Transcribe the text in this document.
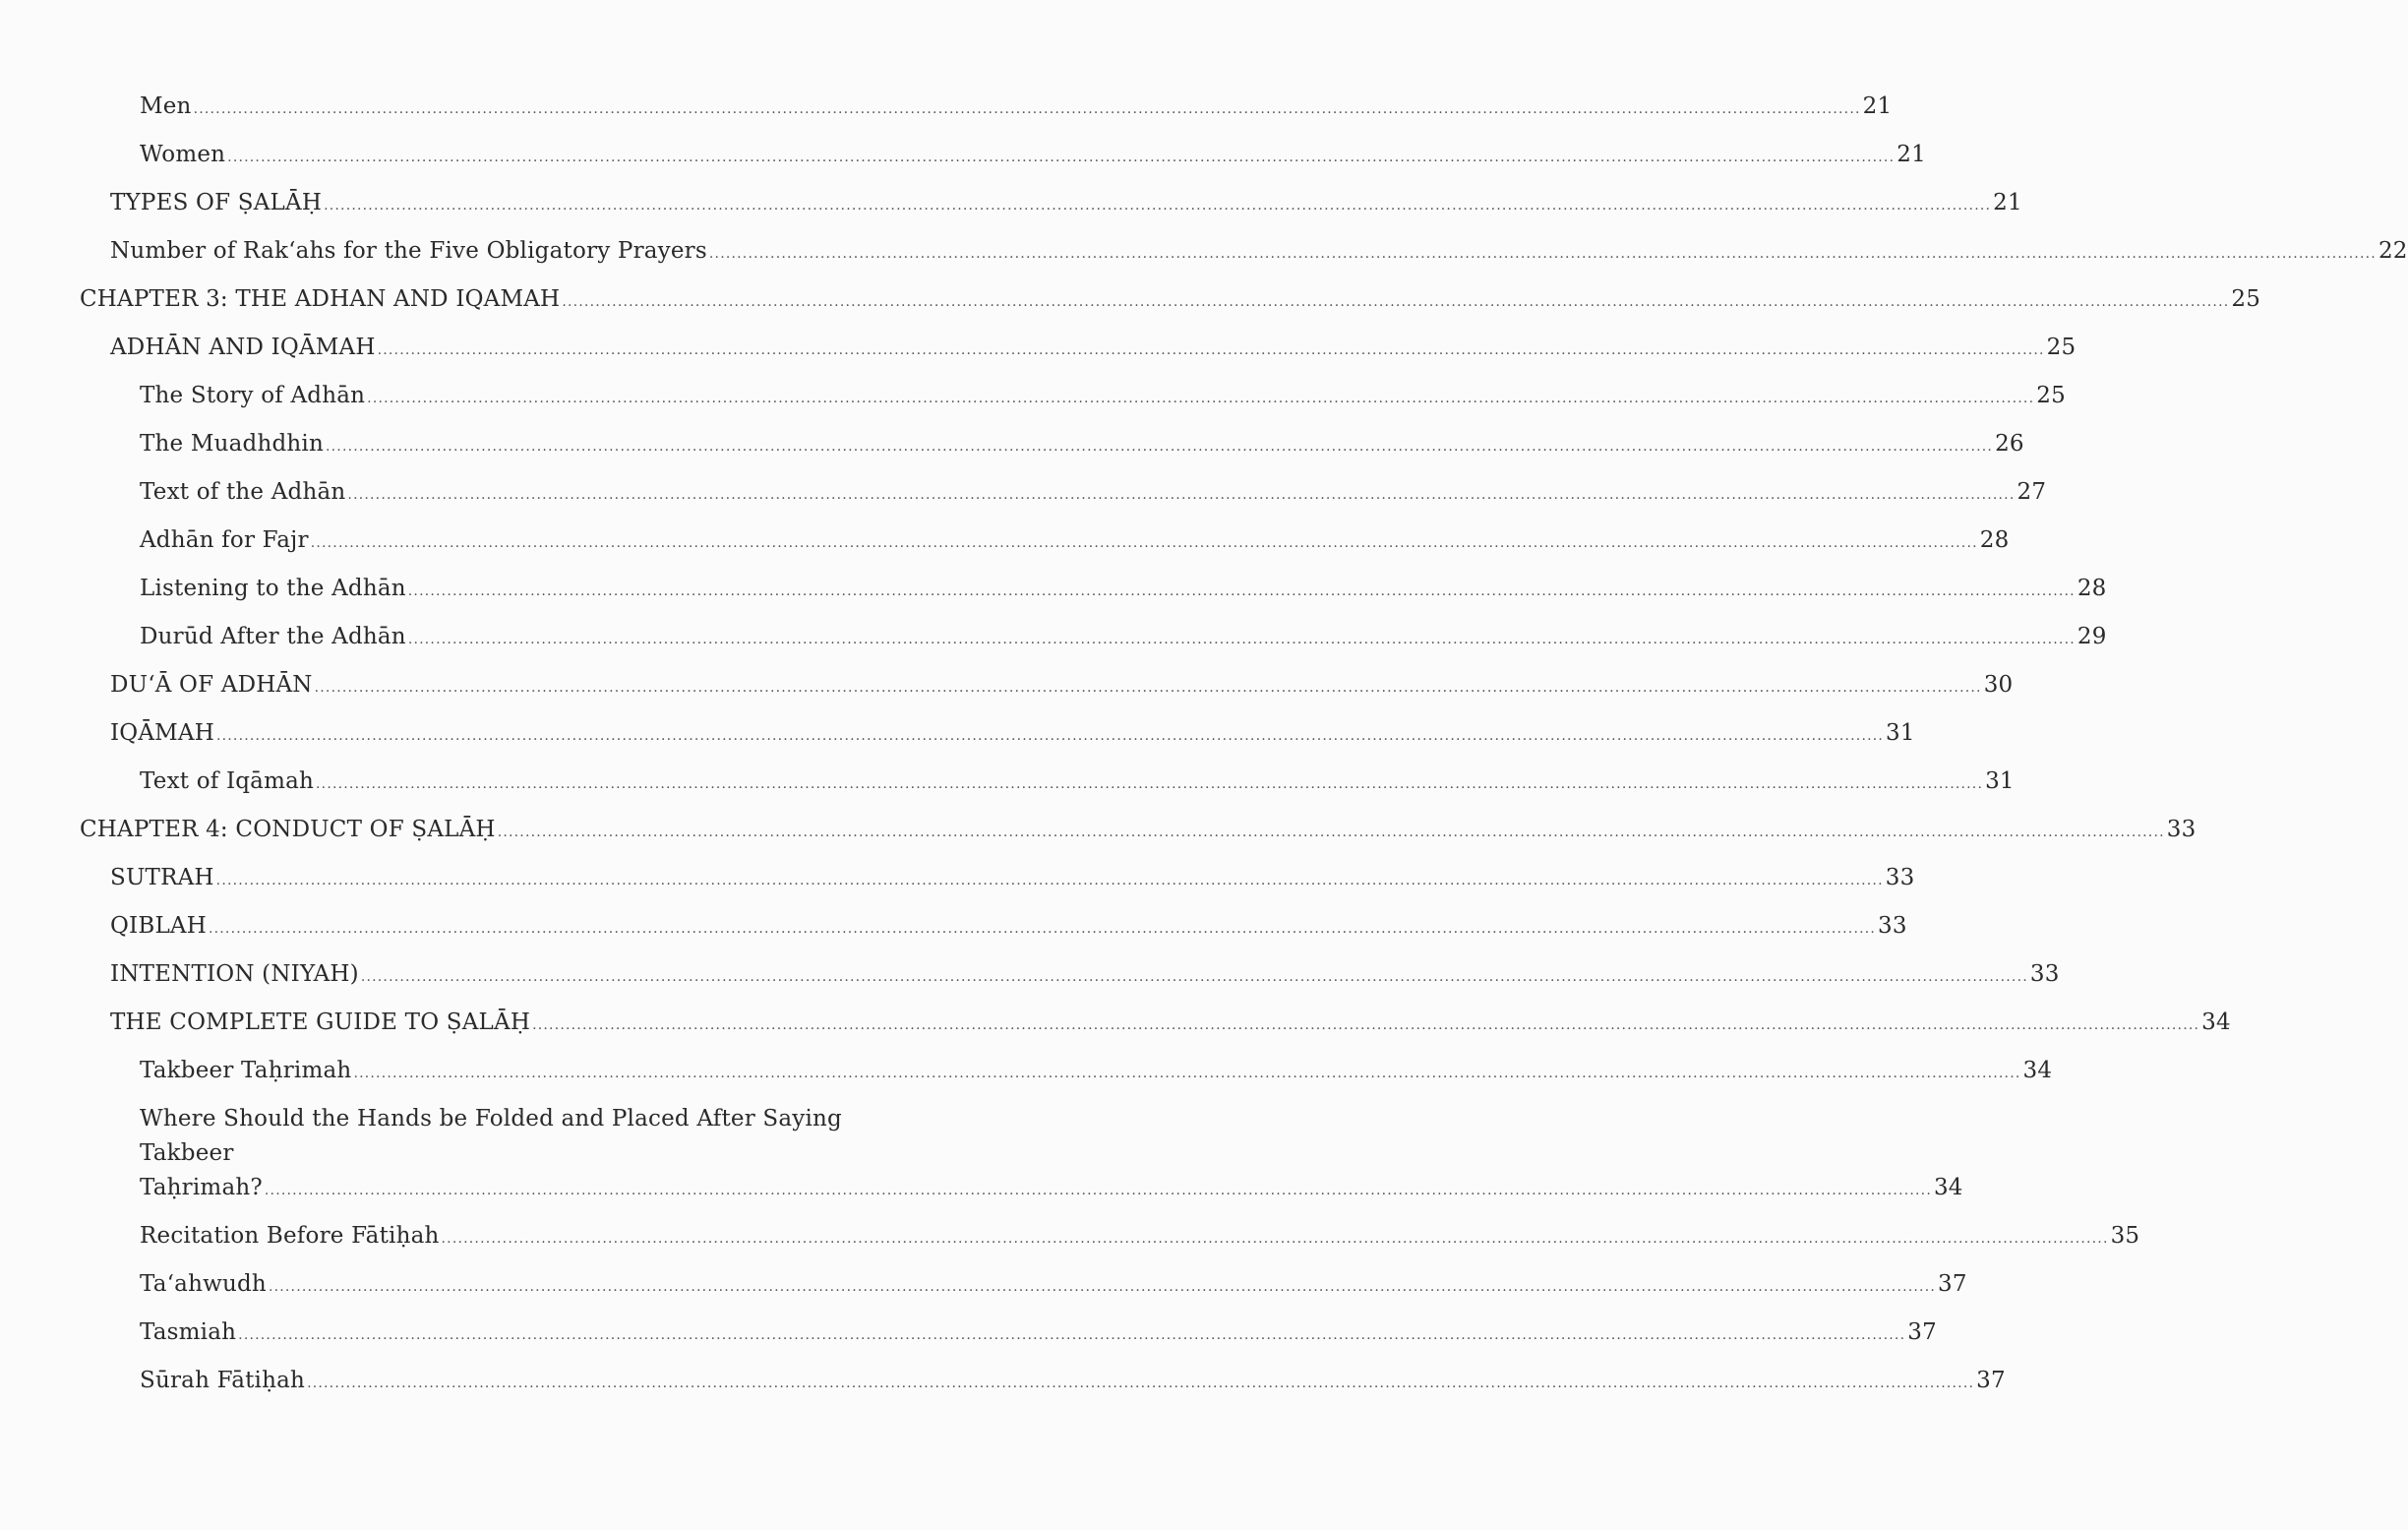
Men ............................................................................................................................................................................................................................................................................................................ 21
Women ............................................................................................................................................................................................................................................................................................................ 21
TYPES OF ṢALĀḤ ............................................................................................................................................................................................................................................................................................................ 21
Number of Rak‘ahs for the Five Obligatory Prayers ............................................................................................................................................................................................................................................................................................................ 22
CHAPTER 3: THE ADHAN AND IQAMAH ............................................................................................................................................................................................................................................................................................................ 25
ADHĀN AND IQĀMAH ............................................................................................................................................................................................................................................................................................................ 25
The Story of Adhān ............................................................................................................................................................................................................................................................................................................ 25
The Muadhdhin ............................................................................................................................................................................................................................................................................................................ 26
Text of the Adhān ............................................................................................................................................................................................................................................................................................................ 27
Adhān for Fajr ............................................................................................................................................................................................................................................................................................................ 28
Listening to the Adhān ............................................................................................................................................................................................................................................................................................................ 28
Durūd After the Adhān ............................................................................................................................................................................................................................................................................................................ 29
DU‘Ā OF ADHĀN ............................................................................................................................................................................................................................................................................................................ 30
IQĀMAH ............................................................................................................................................................................................................................................................................................................ 31
Text of Iqāmah ............................................................................................................................................................................................................................................................................................................ 31
CHAPTER 4: CONDUCT OF ṢALĀḤ ............................................................................................................................................................................................................................................................................................................ 33
SUTRAH ............................................................................................................................................................................................................................................................................................................ 33
QIBLAH ............................................................................................................................................................................................................................................................................................................ 33
INTENTION (NIYAH) ............................................................................................................................................................................................................................................................................................................ 33
THE COMPLETE GUIDE TO ṢALĀḤ ............................................................................................................................................................................................................................................................................................................ 34
Takbeer Taḥrimah ............................................................................................................................................................................................................................................................................................................ 34
Where Should the Hands be Folded and Placed After Saying Takbeer
Taḥrimah? ............................................................................................................................................................................................................................................................................................................ 34
Recitation Before Fātiḥah ............................................................................................................................................................................................................................................................................................................ 35
Ta‘ahwudh ............................................................................................................................................................................................................................................................................................................ 37
Tasmiah ............................................................................................................................................................................................................................................................................................................ 37
Sūrah Fātiḥah ............................................................................................................................................................................................................................................................................................................ 37
